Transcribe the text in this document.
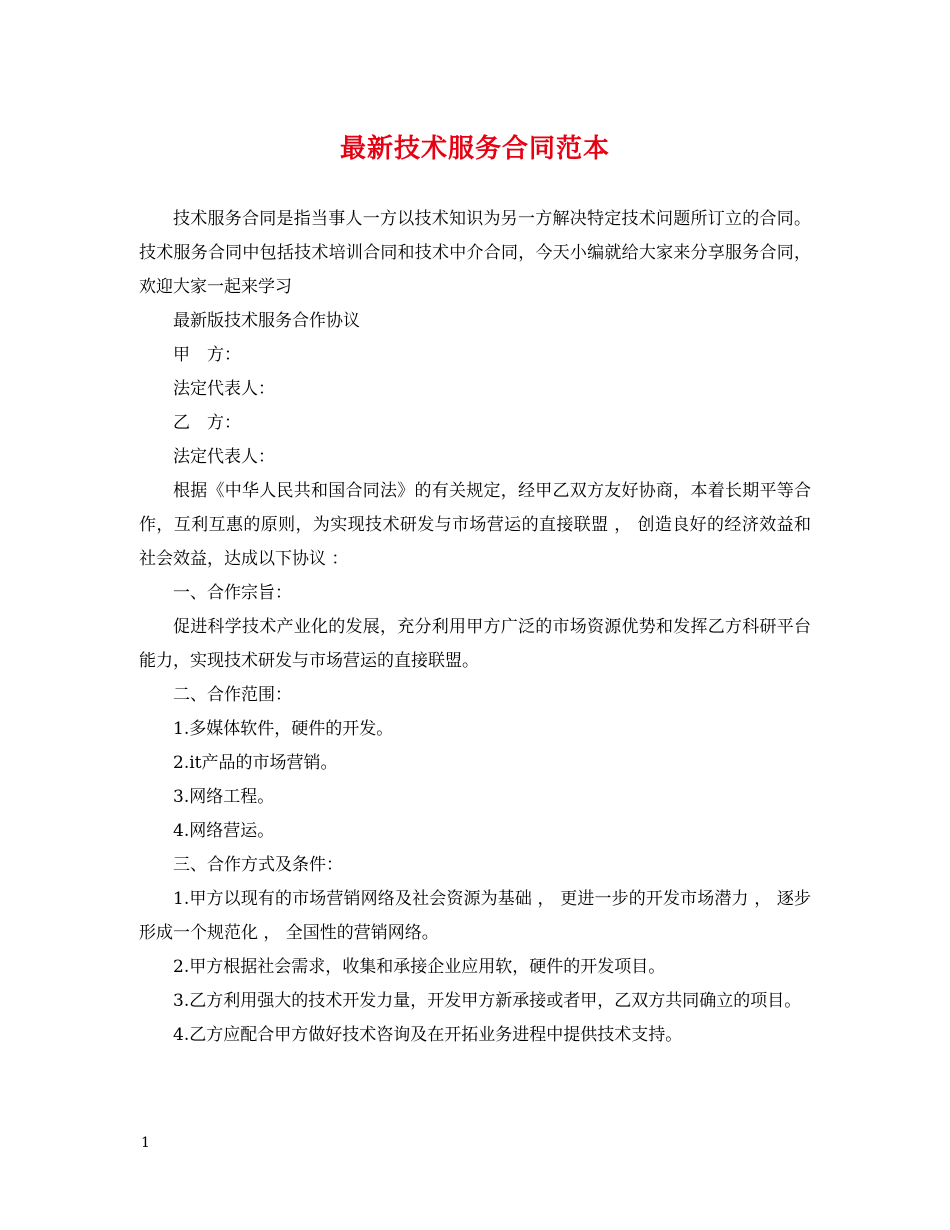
最新技术服务合同范本

技术服务合同是指当事人一方以技术知识为另一方解决特定技术问题所订立的合同。技术服务合同中包括技术培训合同和技术中介合同，今天小编就给大家来分享服务合同，欢迎大家一起来学习

最新版技术服务合作协议

甲　方：

法定代表人：

乙　方：

法定代表人：

根据《中华人民共和国合同法》的有关规定，经甲乙双方友好协商，本着长期平等合作，互利互惠的原则，为实现技术研发与市场营运的直接联盟 ， 创造良好的经济效益和社会效益，达成以下协议 ：

一、合作宗旨：

促进科学技术产业化的发展，充分利用甲方广泛的市场资源优势和发挥乙方科研平台能力，实现技术研发与市场营运的直接联盟。

二、合作范围：

1.多媒体软件，硬件的开发。

2.it产品的市场营销。

3.网络工程。

4.网络营运。

三、合作方式及条件：

1.甲方以现有的市场营销网络及社会资源为基础 ， 更进一步的开发市场潜力 ， 逐步形成一个规范化 ， 全国性的营销网络。

2.甲方根据社会需求，收集和承接企业应用软，硬件的开发项目。

3.乙方利用强大的技术开发力量，开发甲方新承接或者甲，乙双方共同确立的项目。

4.乙方应配合甲方做好技术咨询及在开拓业务进程中提供技术支持。

1
